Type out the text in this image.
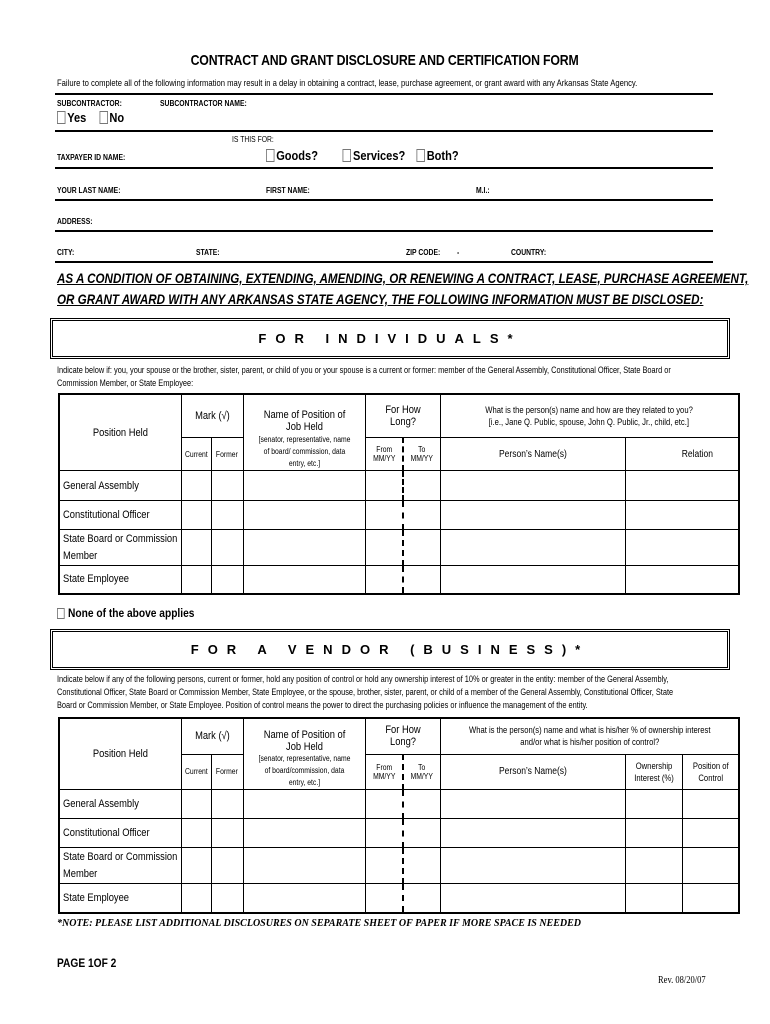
CONTRACT AND GRANT DISCLOSURE AND CERTIFICATION FORM
Failure to complete all of the following information may result in a delay in obtaining a contract, lease, purchase agreement, or grant award with any Arkansas State Agency.
SUBCONTRACTOR:	SUBCONTRACTOR NAME:
Yes No
IS THIS FOR:
TAXPAYER ID NAME:	Goods?	Services? Both?
YOUR LAST NAME:	FIRST NAME:	M.I.:
ADDRESS:
CITY:	STATE:	ZIP CODE: -	COUNTRY:
AS A CONDITION OF OBTAINING, EXTENDING, AMENDING, OR RENEWING A CONTRACT, LEASE, PURCHASE AGREEMENT,
OR GRANT AWARD WITH ANY ARKANSAS STATE AGENCY, THE FOLLOWING INFORMATION MUST BE DISCLOSED:
FOR INDIVIDUALS*
Indicate below if: you, your spouse or the brother, sister, parent, or child of you or your spouse is a current or former: member of the General Assembly, Constitutional Officer, State Board or
Commission Member, or State Employee:
Position Held	Mark (√)		Name of Position of Job Held [senator, representative, name of board/ commission, data entry, etc.]	For How Long?		What is the person(s) name and how are they related to you? [i.e., Jane Q. Public, spouse, John Q. Public, Jr., child, etc.]	
	Current	Former		From MM/YY	To MM/YY	Person’s Name(s)	Relation
General Assembly							
Constitutional Officer							
State Board or Commission Member							
State Employee							
None of the above applies
FOR A VENDOR (BUSINESS)*
Indicate below if any of the following persons, current or former, hold any position of control or hold any ownership interest of 10% or greater in the entity: member of the General Assembly,
Constitutional Officer, State Board or Commission Member, State Employee, or the spouse, brother, sister, parent, or child of a member of the General Assembly, Constitutional Officer, State
Board or Commission Member, or State Employee. Position of control means the power to direct the purchasing policies or influence the management of the entity.
Position Held	Mark (√)		Name of Position of Job Held [senator, representative, name of board/commission, data entry, etc.]	For How Long?		What is the person(s) name and what is his/her % of ownership interest and/or what is his/her position of control?		
	Current	Former		From MM/YY	To MM/YY	Person’s Name(s)	Ownership Interest (%)	Position of Control
General Assembly								
Constitutional Officer								
State Board or Commission Member								
State Employee								
*NOTE: PLEASE LIST ADDITIONAL DISCLOSURES ON SEPARATE SHEET OF PAPER IF MORE SPACE IS NEEDED
PAGE 1OF 2
Rev. 08/20/07
